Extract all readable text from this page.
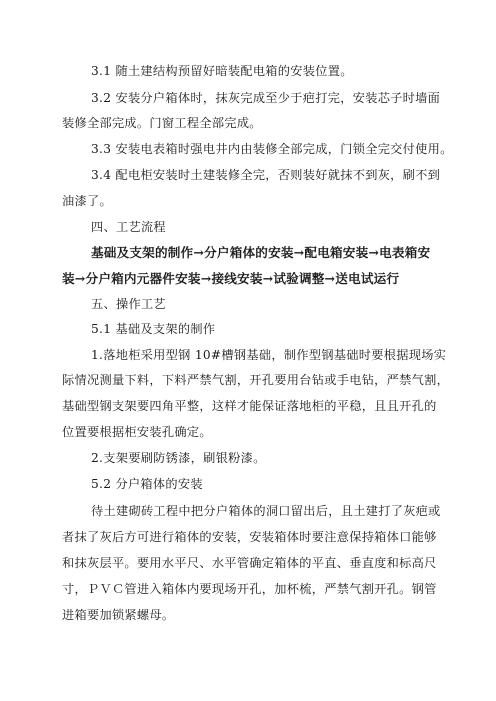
3.1 随土建结构预留好暗装配电箱的安装位置。
3.2 安装分户箱体时，抹灰完成至少于疤打完，安装芯子时墙面
装修全部完成。门窗工程全部完成。
3.3 安装电表箱时强电井内由装修全部完成，门锁全完交付使用。
3.4 配电柜安装时土建装修全完，否则装好就抹不到灰，刷不到
油漆了。
四、工艺流程
基础及支架的制作→分户箱体的安装→配电箱安装→电表箱安
装→分户箱内元器件安装→接线安装→试验调整→送电试运行
五、操作工艺
5.1 基础及支架的制作
1.落地柜采用型钢 10#槽钢基础，制作型钢基础时要根据现场实
际情况测量下料，下料严禁气割，开孔要用台钻或手电钻，严禁气割，
基础型钢支架要四角平整，这样才能保证落地柜的平稳，且且开孔的
位置要根据柜安装孔确定。
2.支架要刷防锈漆，刷银粉漆。
5.2 分户箱体的安装
待土建砌砖工程中把分户箱体的洞口留出后，且土建打了灰疤或
者抹了灰后方可进行箱体的安装，安装箱体时要注意保持箱体口能够
和抹灰层平。要用水平尺、水平管确定箱体的平直、垂直度和标高尺
寸，ＰＶＣ管进入箱体内要现场开孔，加杯梳，严禁气割开孔。钢管
进箱要加锁紧螺母。
